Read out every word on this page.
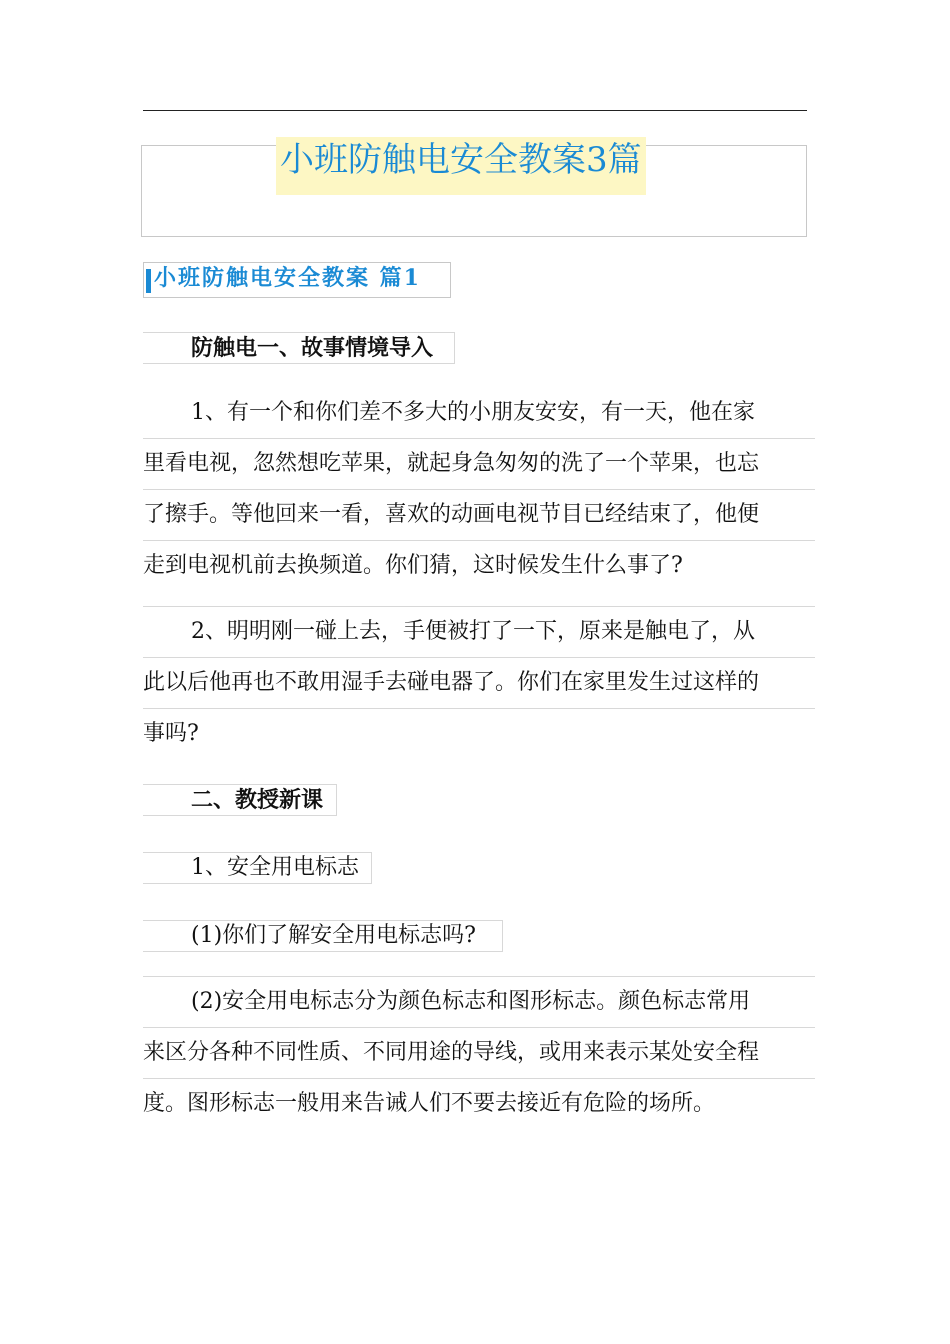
小班防触电安全教案3篇
小班防触电安全教案 篇1
防触电一、故事情境导入
1、有一个和你们差不多大的小朋友安安，有一天，他在家
里看电视，忽然想吃苹果，就起身急匆匆的洗了一个苹果，也忘
了擦手。等他回来一看，喜欢的动画电视节目已经结束了，他便
走到电视机前去换频道。你们猜，这时候发生什么事了?
2、明明刚一碰上去，手便被打了一下，原来是触电了，从
此以后他再也不敢用湿手去碰电器了。你们在家里发生过这样的
事吗?
二、教授新课
1、安全用电标志
(1)你们了解安全用电标志吗?
(2)安全用电标志分为颜色标志和图形标志。颜色标志常用
来区分各种不同性质、不同用途的导线，或用来表示某处安全程
度。图形标志一般用来告诫人们不要去接近有危险的场所。
